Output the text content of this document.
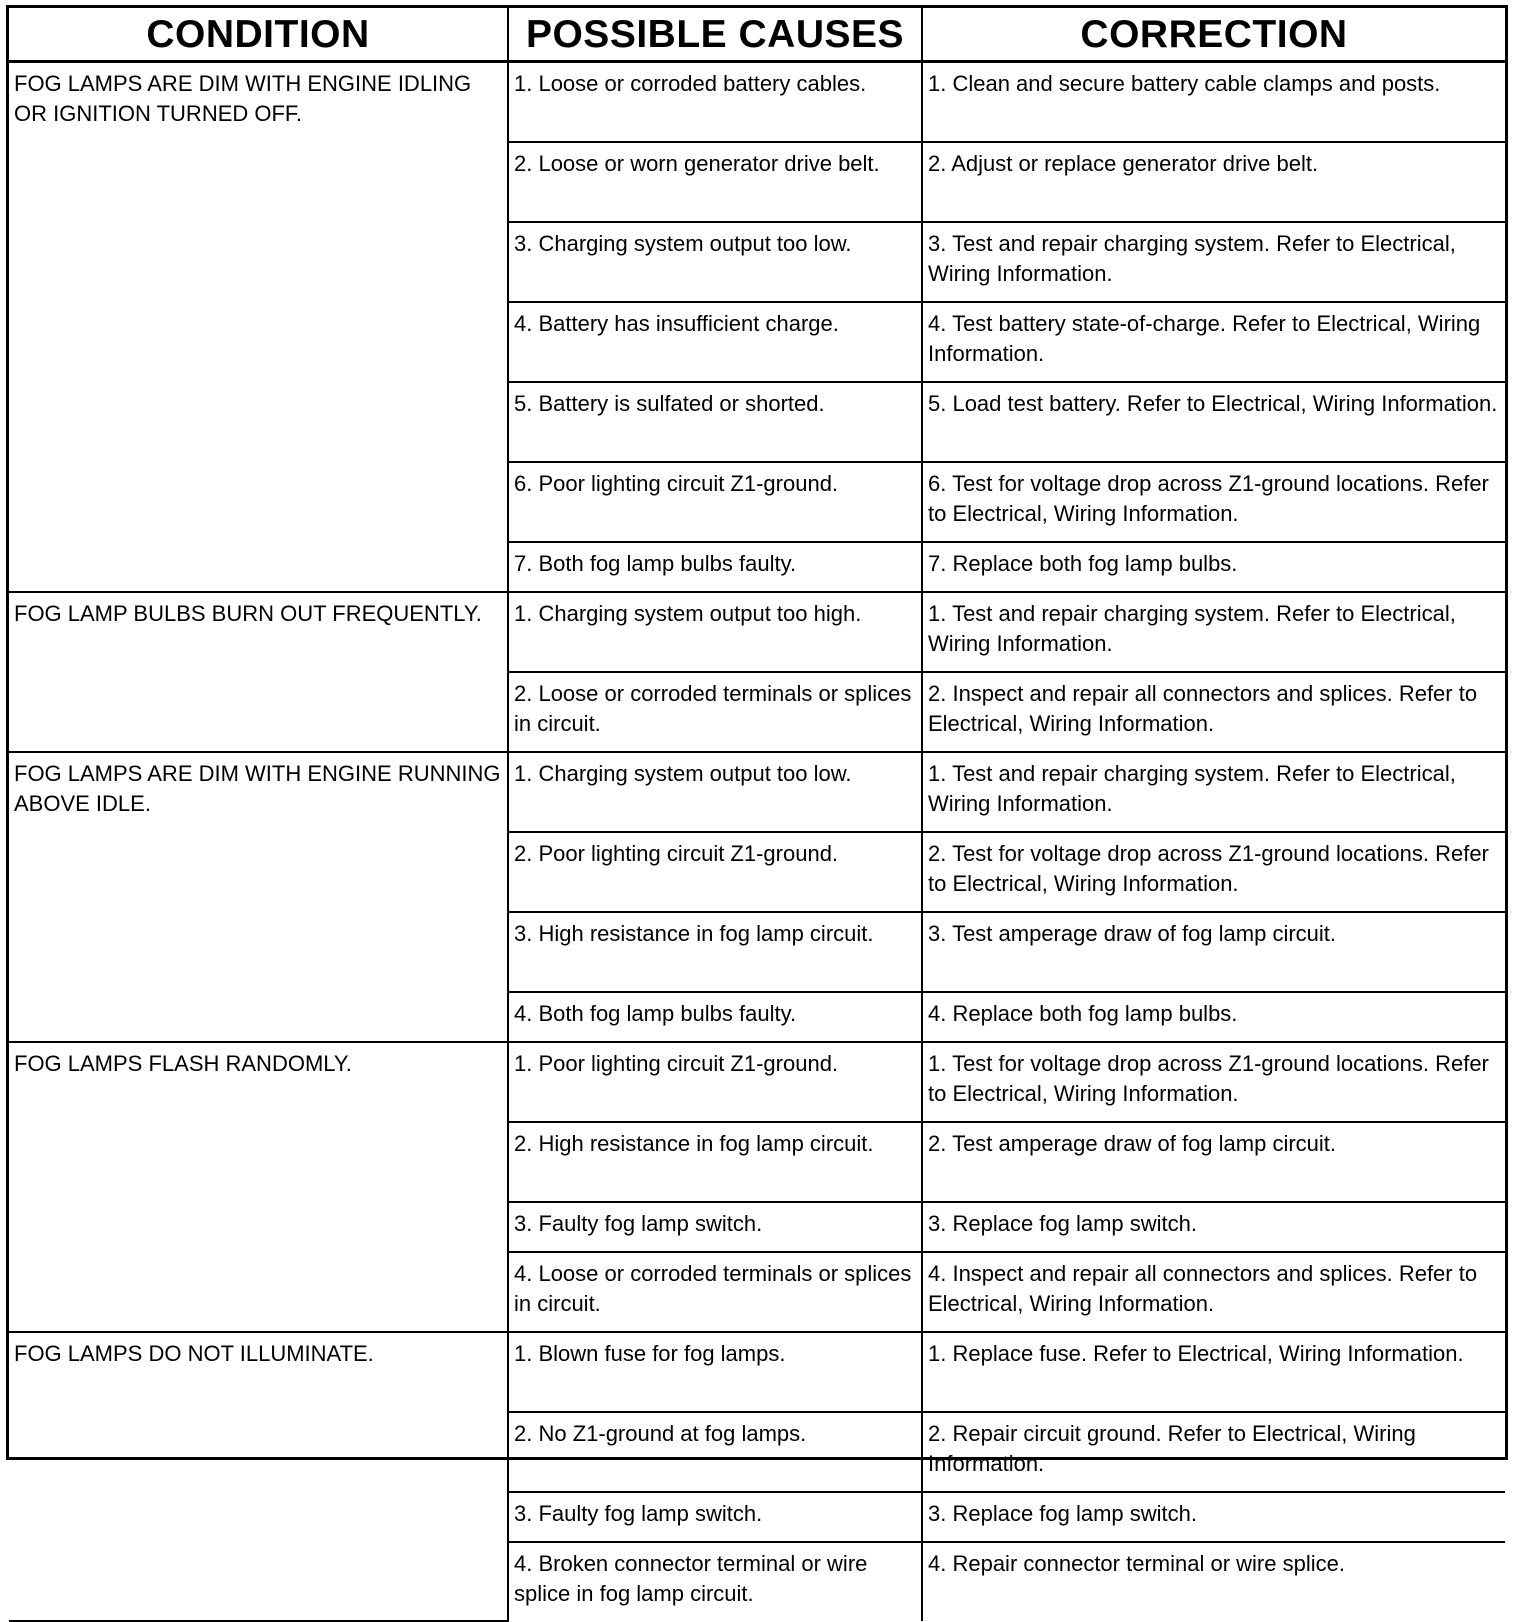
CONDITION	POSSIBLE CAUSES	CORRECTION
FOG LAMPS ARE DIM WITH ENGINE IDLING OR IGNITION TURNED OFF.	1. Loose or corroded battery cables.	1. Clean and secure battery cable clamps and posts.
	2. Loose or worn generator drive belt.	2. Adjust or replace generator drive belt.
	3. Charging system output too low.	3. Test and repair charging system. Refer to Electrical, Wiring Information.
	4. Battery has insufficient charge.	4. Test battery state-of-charge. Refer to Electrical, Wiring Information.
	5. Battery is sulfated or shorted.	5. Load test battery. Refer to Electrical, Wiring Information.
	6. Poor lighting circuit Z1-ground.	6. Test for voltage drop across Z1-ground locations. Refer to Electrical, Wiring Information.
	7. Both fog lamp bulbs faulty.	7. Replace both fog lamp bulbs.
FOG LAMP BULBS BURN OUT FREQUENTLY.	1. Charging system output too high.	1. Test and repair charging system. Refer to Electrical, Wiring Information.
	2. Loose or corroded terminals or splices in circuit.	2. Inspect and repair all connectors and splices. Refer to Electrical, Wiring Information.
FOG LAMPS ARE DIM WITH ENGINE RUNNING ABOVE IDLE.	1. Charging system output too low.	1. Test and repair charging system. Refer to Electrical, Wiring Information.
	2. Poor lighting circuit Z1-ground.	2. Test for voltage drop across Z1-ground locations. Refer to Electrical, Wiring Information.
	3. High resistance in fog lamp circuit.	3. Test amperage draw of fog lamp circuit.
	4. Both fog lamp bulbs faulty.	4. Replace both fog lamp bulbs.
FOG LAMPS FLASH RANDOMLY.	1. Poor lighting circuit Z1-ground.	1. Test for voltage drop across Z1-ground locations. Refer to Electrical, Wiring Information.
	2. High resistance in fog lamp circuit.	2. Test amperage draw of fog lamp circuit.
	3. Faulty fog lamp switch.	3. Replace fog lamp switch.
	4. Loose or corroded terminals or splices in circuit.	4. Inspect and repair all connectors and splices. Refer to Electrical, Wiring Information.
FOG LAMPS DO NOT ILLUMINATE.	1. Blown fuse for fog lamps.	1. Replace fuse. Refer to Electrical, Wiring Information.
	2. No Z1-ground at fog lamps.	2. Repair circuit ground. Refer to Electrical, Wiring Information.
	3. Faulty fog lamp switch.	3. Replace fog lamp switch.
	4. Broken connector terminal or wire splice in fog lamp circuit.	4. Repair connector terminal or wire splice.
